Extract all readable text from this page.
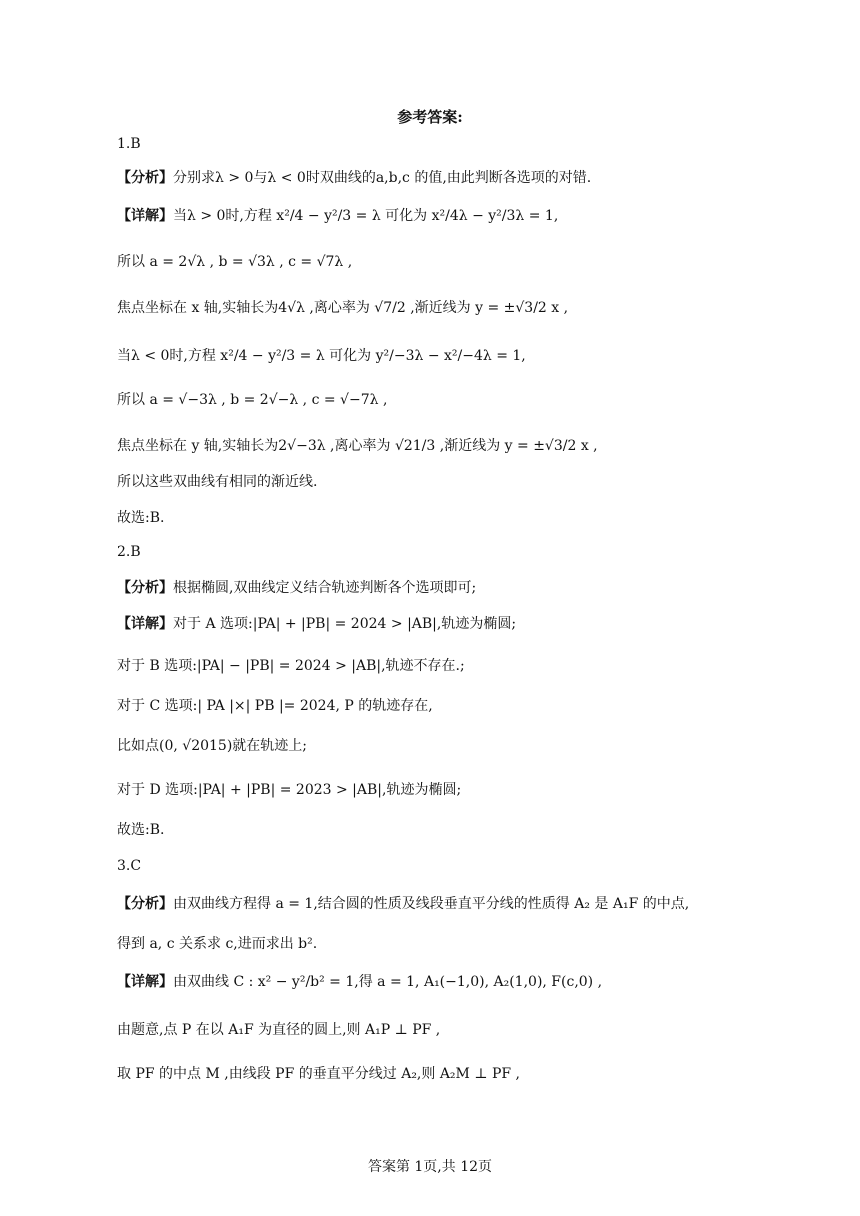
参考答案:
1.B
【分析】分别求λ > 0与λ < 0时双曲线的a,b,c 的值,由此判断各选项的对错.
【详解】当λ > 0时,方程 x²/4 − y²/3 = λ 可化为 x²/4λ − y²/3λ = 1,
所以 a = 2√λ , b = √3λ , c = √7λ ,
焦点坐标在 x 轴,实轴长为4√λ ,离心率为 √7/2 ,渐近线为 y = ±√3/2 x ,
当λ < 0时,方程 x²/4 − y²/3 = λ 可化为 y²/−3λ − x²/−4λ = 1,
所以 a = √−3λ , b = 2√−λ , c = √−7λ ,
焦点坐标在 y 轴,实轴长为2√−3λ ,离心率为 √21/3 ,渐近线为 y = ±√3/2 x ,
所以这些双曲线有相同的渐近线.
故选:B.
2.B
【分析】根据椭圆,双曲线定义结合轨迹判断各个选项即可;
【详解】对于 A 选项:|PA| + |PB| = 2024 > |AB|,轨迹为椭圆;
对于 B 选项:|PA| − |PB| = 2024 > |AB|,轨迹不存在.;
对于 C 选项:| PA |×| PB |= 2024, P 的轨迹存在,
比如点(0, √2015)就在轨迹上;
对于 D 选项:|PA| + |PB| = 2023 > |AB|,轨迹为椭圆;
故选:B.
3.C
【分析】由双曲线方程得 a = 1,结合圆的性质及线段垂直平分线的性质得 A₂ 是 A₁F 的中点,
得到 a, c 关系求 c,进而求出 b².
【详解】由双曲线 C : x² − y²/b² = 1,得 a = 1, A₁(−1,0), A₂(1,0), F(c,0) ,
由题意,点 P 在以 A₁F 为直径的圆上,则 A₁P ⊥ PF ,
取 PF 的中点 M ,由线段 PF 的垂直平分线过 A₂,则 A₂M ⊥ PF ,
答案第 1页,共 12页
